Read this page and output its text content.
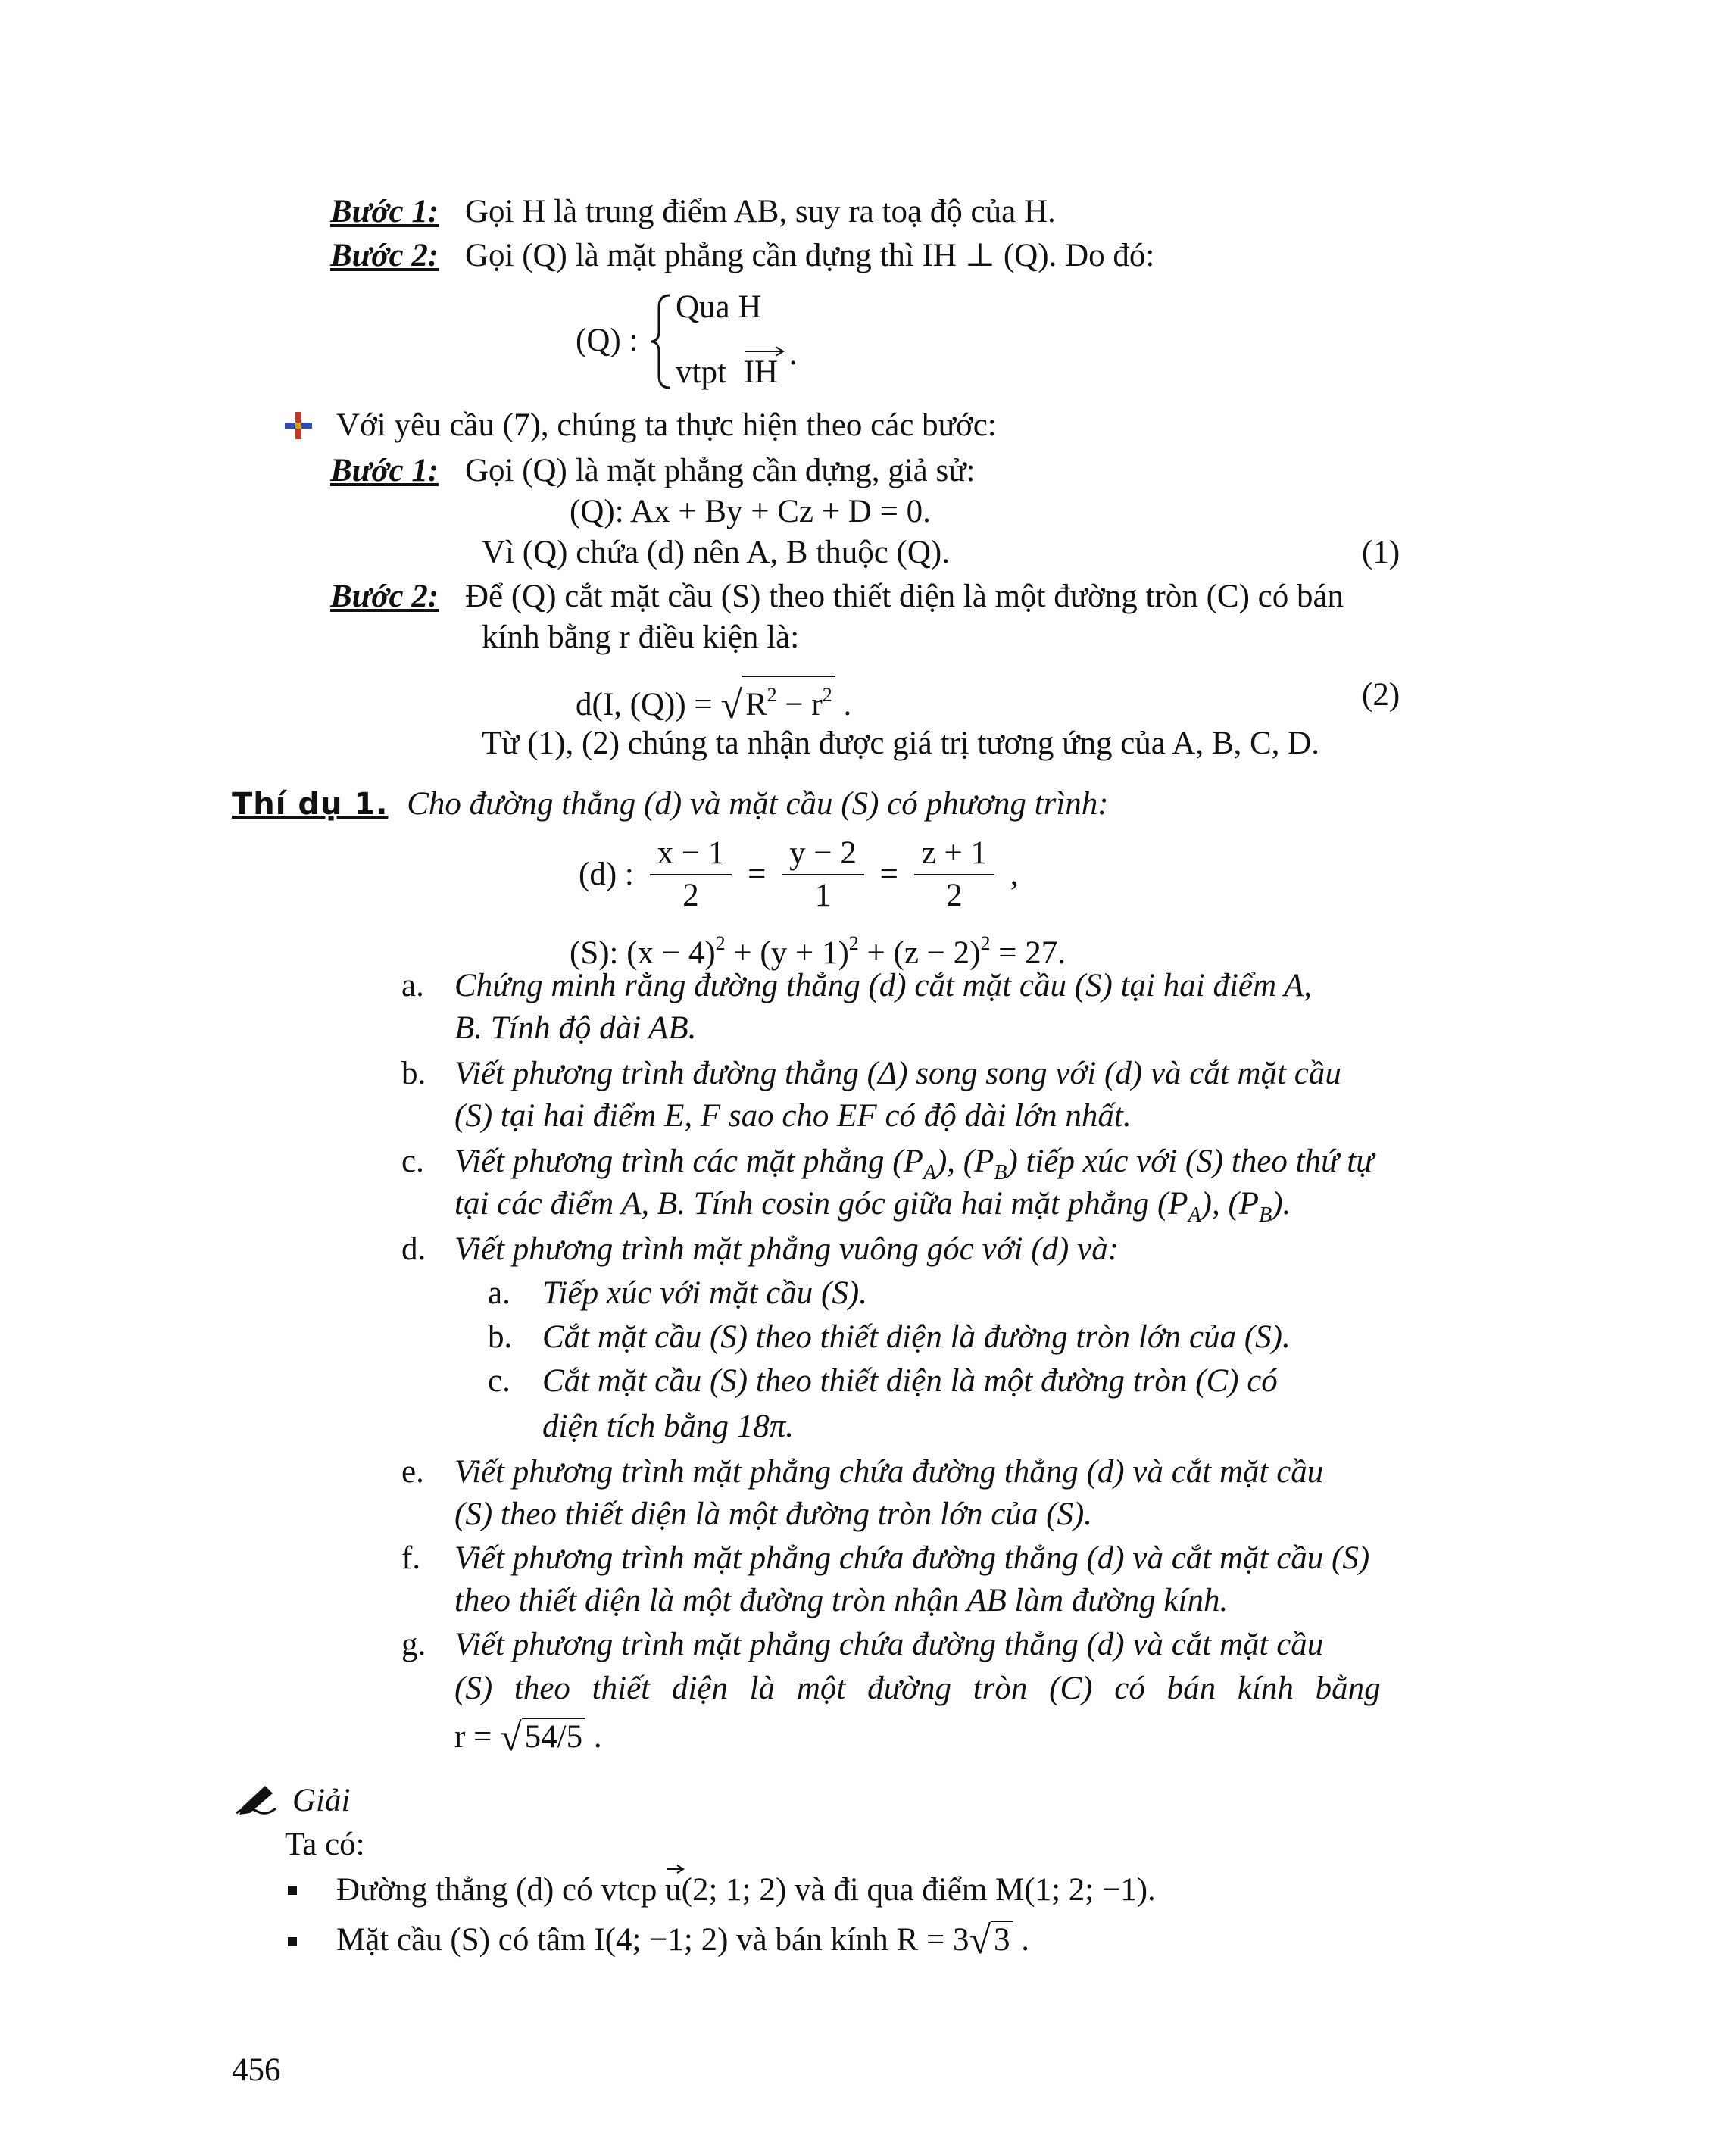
Bước 1: Gọi H là trung điểm AB, suy ra toạ độ của H.
Bước 2: Gọi (Q) là mặt phẳng cần dựng thì IH ⊥ (Q). Do đó:
(Q) :
Qua H
vtpt IH .
Với yêu cầu (7), chúng ta thực hiện theo các bước:
Bước 1: Gọi (Q) là mặt phẳng cần dựng, giả sử:
(Q): Ax + By + Cz + D = 0.
Vì (Q) chứa (d) nên A, B thuộc (Q).	(1)
Bước 2: Để (Q) cắt mặt cầu (S) theo thiết diện là một đường tròn (C) có bán
kính bằng r điều kiện là:
d(I, $(Q)) = √R^2 - r^2$ .	(2)
Từ (1), (2) chúng ta nhận được giá trị tương ứng của A, B, C, D.
Thí dụ 1. Cho đường thẳng (d) và mặt cầu (S) có phương trình:
(d) : $\frac{x - 1}{2} = \frac{y - 2}{1} = \frac{z + 1}{2}$ ,
(S): $(x - 4)^2 + (y + 1)^2 + (z - 2)^2 = 27$.
a. Chứng minh rằng đường thẳng (d) cắt mặt cầu (S) tại hai điểm A,
B. Tính độ dài AB.
b. Viết phương trình đường thẳng (Δ) song song với (d) và cắt mặt cầu
(S) tại hai điểm E, F sao cho EF có độ dài lớn nhất.
c. Viết phương trình các mặt phẳng $(P_A)$, $(P_B)$ tiếp xúc với (S) theo thứ tự
tại các điểm A, B. Tính cosin góc giữa hai mặt phẳng $(P_A)$, $(P_B)$.
d. Viết phương trình mặt phẳng vuông góc với (d) và:
a. Tiếp xúc với mặt cầu (S).
b. Cắt mặt cầu (S) theo thiết diện là đường tròn lớn của (S).
c. Cắt mặt cầu (S) theo thiết diện là một đường tròn (C) có
diện tích bằng 18π.
e. Viết phương trình mặt phẳng chứa đường thẳng (d) và cắt mặt cầu
(S) theo thiết diện là một đường tròn lớn của (S).
f. Viết phương trình mặt phẳng chứa đường thẳng (d) và cắt mặt cầu (S)
theo thiết diện là một đường tròn nhận AB làm đường kính.
g. Viết phương trình mặt phẳng chứa đường thẳng (d) và cắt mặt cầu
(S) theo thiết diện là một đường tròn (C) có bán kính bằng
r = √54/5 .
Giải
Ta có:
Đường thẳng (d) có vtcp
u(2; 1; 2) và đi qua điểm M(1; 2; −1).
Mặt cầu (S) có tâm I(4; −1; 2) và bán kính R = 3√3 .
456
